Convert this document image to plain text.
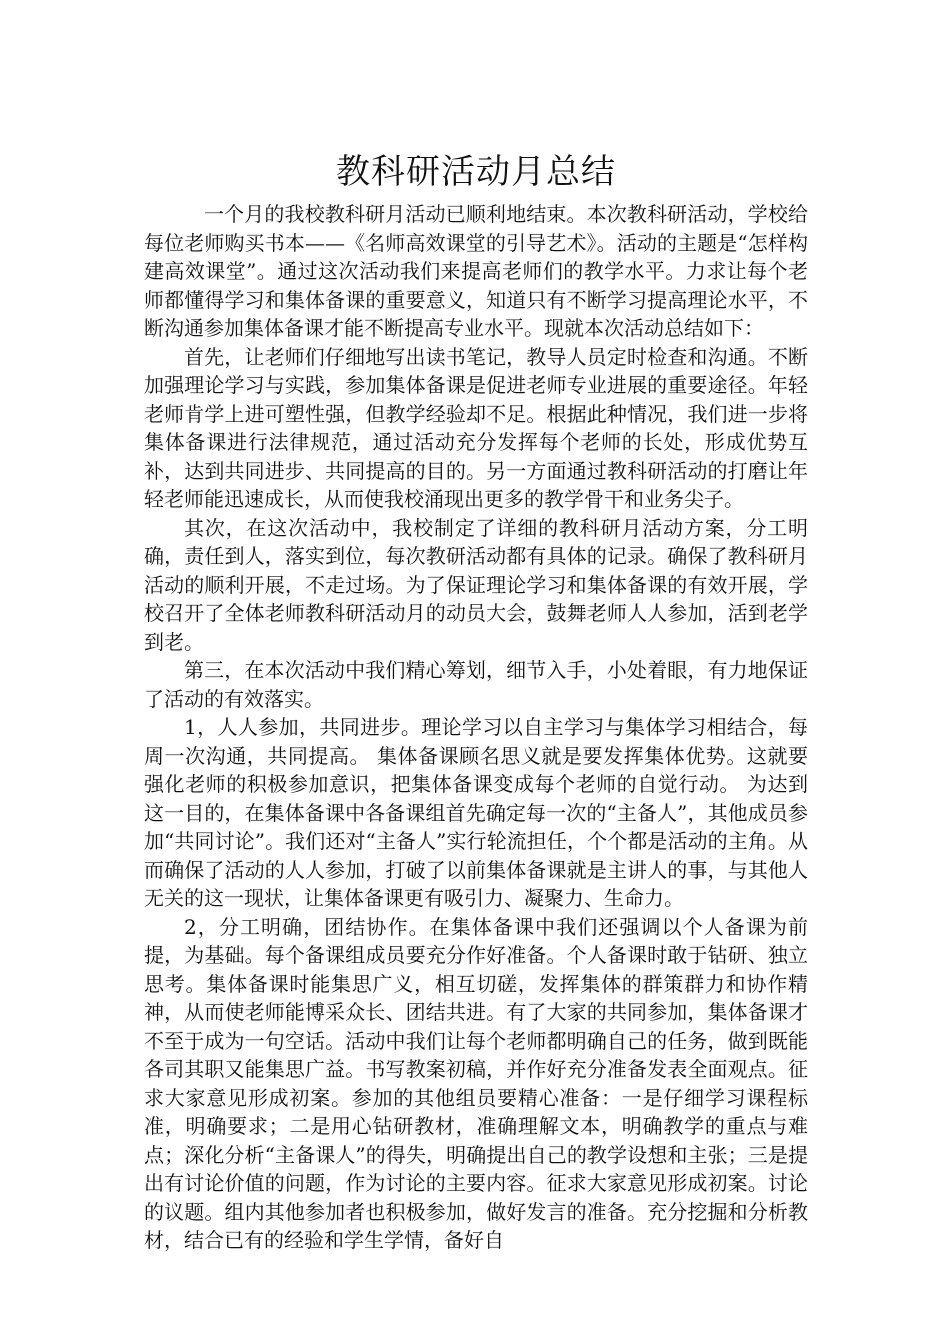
教科研活动月总结

一个月的我校教科研月活动已顺利地结束。本次教科研活动，学校给每位老师购买书本——《名师高效课堂的引导艺术》。活动的主题是“怎样构建高效课堂”。通过这次活动我们来提高老师们的教学水平。力求让每个老师都懂得学习和集体备课的重要意义，知道只有不断学习提高理论水平，不断沟通参加集体备课才能不断提高专业水平。现就本次活动总结如下：

首先，让老师们仔细地写出读书笔记，教导人员定时检查和沟通。不断加强理论学习与实践，参加集体备课是促进老师专业进展的重要途径。年轻老师肯学上进可塑性强，但教学经验却不足。根据此种情况，我们进一步将集体备课进行法律规范，通过活动充分发挥每个老师的长处，形成优势互补，达到共同进步、共同提高的目的。另一方面通过教科研活动的打磨让年轻老师能迅速成长，从而使我校涌现出更多的教学骨干和业务尖子。

其次，在这次活动中，我校制定了详细的教科研月活动方案，分工明确，责任到人，落实到位，每次教研活动都有具体的记录。确保了教科研月活动的顺利开展，不走过场。为了保证理论学习和集体备课的有效开展，学校召开了全体老师教科研活动月的动员大会，鼓舞老师人人参加，活到老学到老。

第三，在本次活动中我们精心筹划，细节入手，小处着眼，有力地保证了活动的有效落实。

1，人人参加，共同进步。理论学习以自主学习与集体学习相结合，每周一次沟通，共同提高。 集体备课顾名思义就是要发挥集体优势。这就要强化老师的积极参加意识，把集体备课变成每个老师的自觉行动。 为达到这一目的，在集体备课中各备课组首先确定每一次的“主备人”，其他成员参加“共同讨论”。我们还对“主备人”实行轮流担任，个个都是活动的主角。从而确保了活动的人人参加，打破了以前集体备课就是主讲人的事，与其他人无关的这一现状，让集体备课更有吸引力、凝聚力、生命力。

2，分工明确，团结协作。在集体备课中我们还强调以个人备课为前提，为基础。每个备课组成员要充分作好准备。个人备课时敢于钻研、独立思考。集体备课时能集思广义，相互切磋，发挥集体的群策群力和协作精神，从而使老师能博采众长、团结共进。有了大家的共同参加，集体备课才不至于成为一句空话。活动中我们让每个老师都明确自己的任务，做到既能各司其职又能集思广益。书写教案初稿，并作好充分准备发表全面观点。征求大家意见形成初案。参加的其他组员要精心准备：一是仔细学习课程标准，明确要求；二是用心钻研教材，准确理解文本，明确教学的重点与难点；深化分析“主备课人”的得失，明确提出自己的教学设想和主张；三是提出有讨论价值的问题，作为讨论的主要内容。征求大家意见形成初案。讨论的议题。组内其他参加者也积极参加，做好发言的准备。充分挖掘和分析教材，结合已有的经验和学生学情，备好自
